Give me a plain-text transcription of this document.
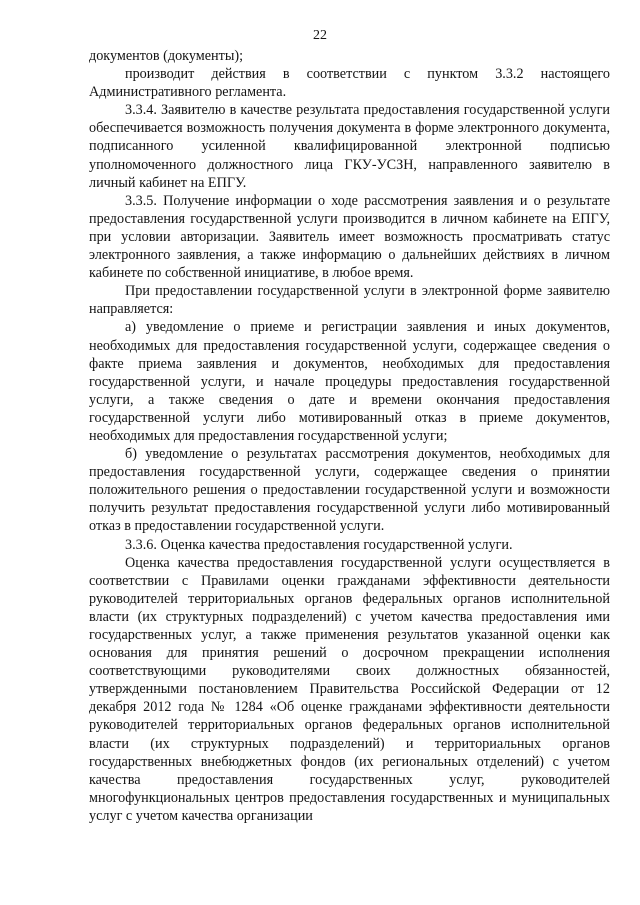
22

документов (документы);

производит действия в соответствии с пунктом 3.3.2 настоящего Административного регламента.

3.3.4. Заявителю в качестве результата предоставления государственной услуги обеспечивается возможность получения документа в форме электронного документа, подписанного усиленной квалифицированной электронной подписью уполномоченного должностного лица ГКУ-УСЗН, направленного заявителю в личный кабинет на ЕПГУ.

3.3.5. Получение информации о ходе рассмотрения заявления и о результате предоставления государственной услуги производится в личном кабинете на ЕПГУ, при условии авторизации. Заявитель имеет возможность просматривать статус электронного заявления, а также информацию о дальнейших действиях в личном кабинете по собственной инициативе, в любое время.

При предоставлении государственной услуги в электронной форме заявителю направляется:

а) уведомление о приеме и регистрации заявления и иных документов, необходимых для предоставления государственной услуги, содержащее сведения о факте приема заявления и документов, необходимых для предоставления государственной услуги, и начале процедуры предоставления государственной услуги, а также сведения о дате и времени окончания предоставления государственной услуги либо мотивированный отказ в приеме документов, необходимых для предоставления государственной услуги;

б) уведомление о результатах рассмотрения документов, необходимых для предоставления государственной услуги, содержащее сведения о принятии положительного решения о предоставлении государственной услуги и возможности получить результат предоставления государственной услуги либо мотивированный отказ в предоставлении государственной услуги.

3.3.6. Оценка качества предоставления государственной услуги.

Оценка качества предоставления государственной услуги осуществляется в соответствии с Правилами оценки гражданами эффективности деятельности руководителей территориальных органов федеральных органов исполнительной власти (их структурных подразделений) с учетом качества предоставления ими государственных услуг, а также применения результатов указанной оценки как основания для принятия решений о досрочном прекращении исполнения соответствующими руководителями своих должностных обязанностей, утвержденными постановлением Правительства Российской Федерации от 12 декабря 2012 года № 1284 «Об оценке гражданами эффективности деятельности руководителей территориальных органов федеральных органов исполнительной власти (их структурных подразделений) и территориальных органов государственных внебюджетных фондов (их региональных отделений) с учетом качества предоставления государственных услуг, руководителей многофункциональных центров предоставления государственных и муниципальных услуг с учетом качества организации
